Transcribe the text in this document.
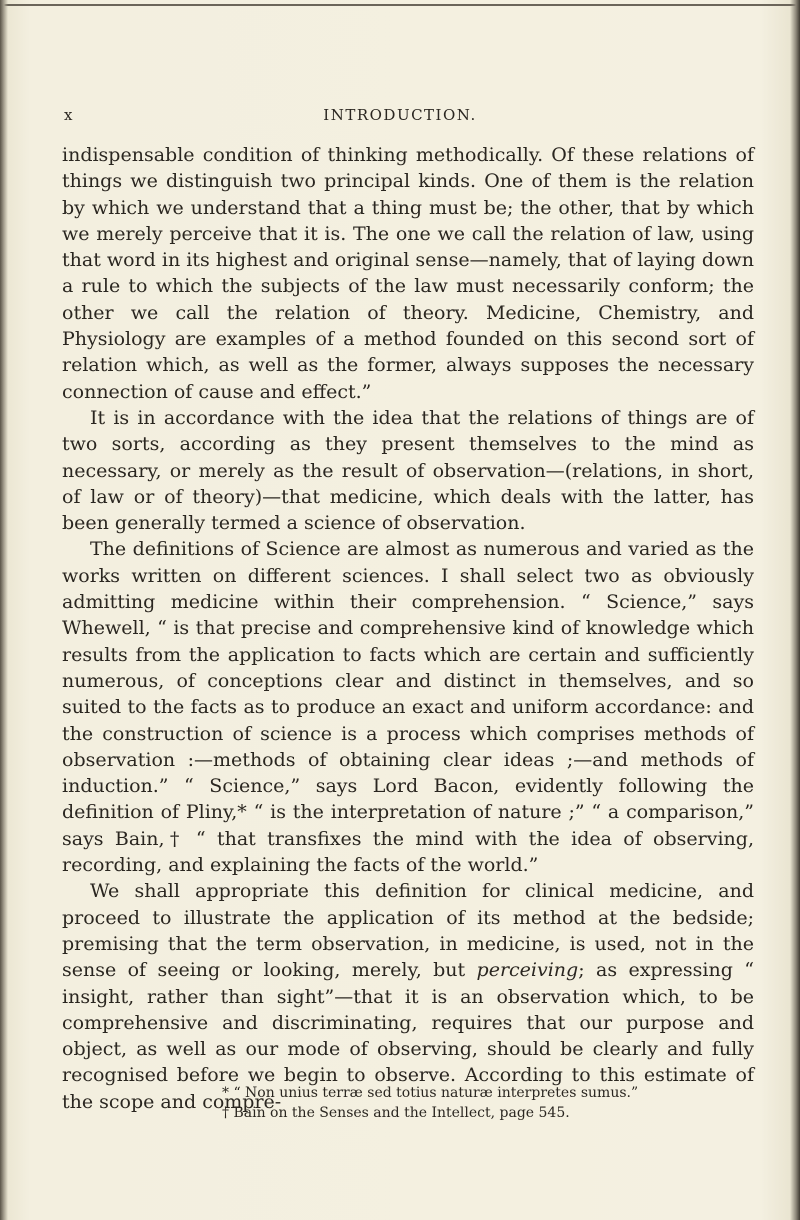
x	INTRODUCTION.

indispensable condition of thinking methodically. Of these relations of things we distinguish two principal kinds. One of them is the relation by which we understand that a thing must be; the other, that by which we merely perceive that it is. The one we call the relation of law, using that word in its highest and original sense—namely, that of laying down a rule to which the subjects of the law must necessarily conform; the other we call the relation of theory. Medicine, Chemistry, and Physiology are examples of a method founded on this second sort of relation which, as well as the former, always supposes the necessary connection of cause and effect.”

It is in accordance with the idea that the relations of things are of two sorts, according as they present themselves to the mind as necessary, or merely as the result of observation—(relations, in short, of law or of theory)—that medicine, which deals with the latter, has been generally termed a science of observation.

The definitions of Science are almost as numerous and varied as the works written on different sciences. I shall select two as obviously admitting medicine within their comprehension. “ Science,” says Whewell, “ is that precise and comprehensive kind of knowledge which results from the application to facts which are certain and sufficiently numerous, of conceptions clear and distinct in themselves, and so suited to the facts as to produce an exact and uniform accordance: and the construction of science is a process which comprises methods of observation :—methods of obtaining clear ideas ;—and methods of induction.” “ Science,” says Lord Bacon, evidently following the definition of Pliny,* “ is the interpretation of nature ;” “ a comparison,” says Bain,† “ that transfixes the mind with the idea of observing, recording, and explaining the facts of the world.”

We shall appropriate this definition for clinical medicine, and proceed to illustrate the application of its method at the bedside; premising that the term observation, in medicine, is used, not in the sense of seeing or looking, merely, but perceiving; as expressing “ insight, rather than sight”—that it is an observation which, to be comprehensive and discriminating, requires that our purpose and object, as well as our mode of observing, should be clearly and fully recognised before we begin to observe. According to this estimate of the scope and compre-

* “ Non unius terræ sed totius naturæ interpretes sumus.”

† Bain on the Senses and the Intellect, page 545.
